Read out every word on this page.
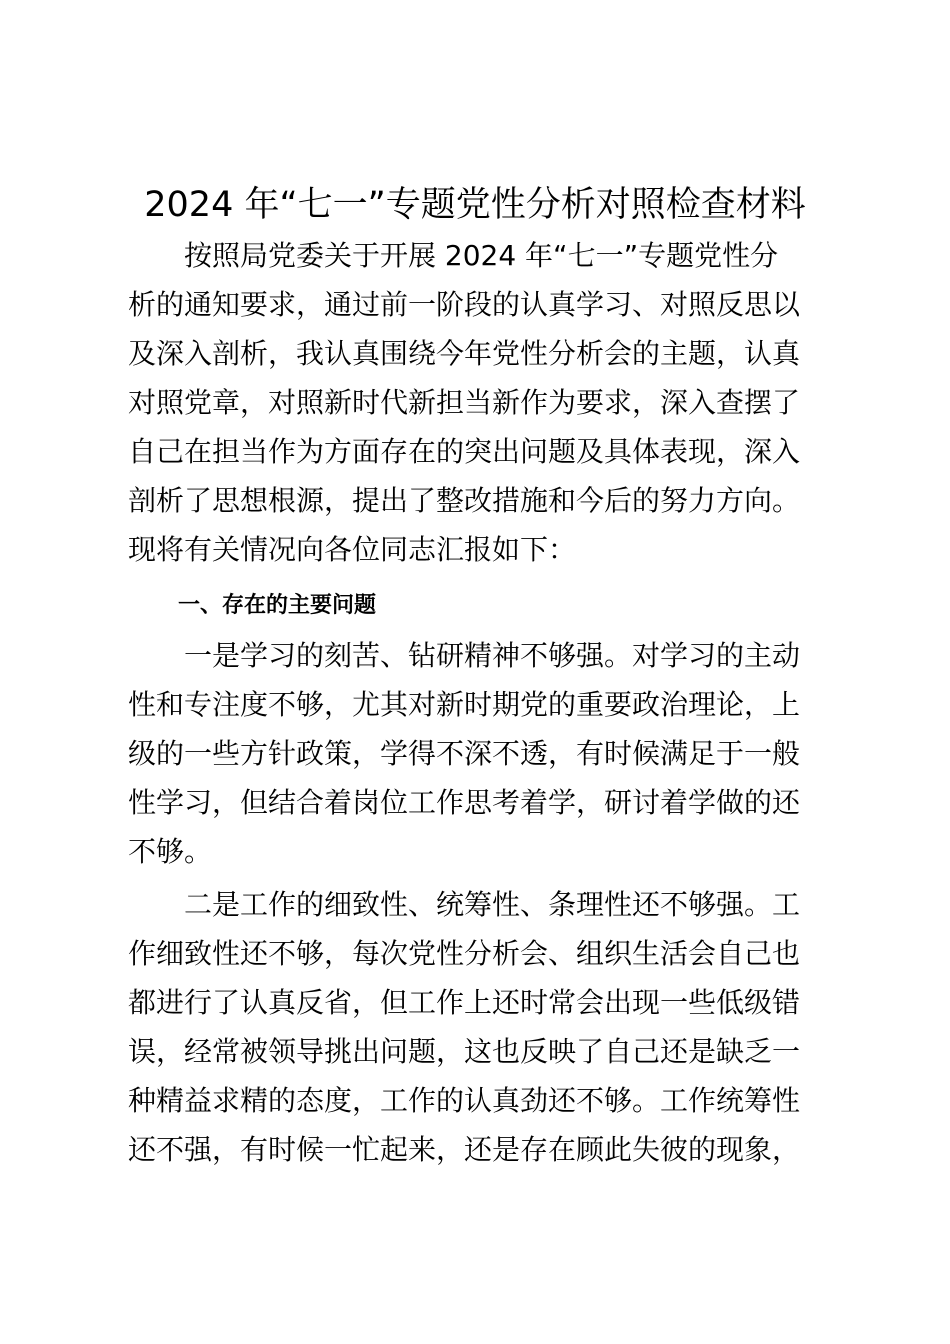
2024 年“七一”专题党性分析对照检查材料
按照局党委关于开展 2024 年“七一”专题党性分
析的通知要求，通过前一阶段的认真学习、对照反思以
及深入剖析，我认真围绕今年党性分析会的主题，认真
对照党章，对照新时代新担当新作为要求，深入查摆了
自己在担当作为方面存在的突出问题及具体表现，深入
剖析了思想根源，提出了整改措施和今后的努力方向。
现将有关情况向各位同志汇报如下：
一、存在的主要问题
一是学习的刻苦、钻研精神不够强。对学习的主动
性和专注度不够，尤其对新时期党的重要政治理论，上
级的一些方针政策，学得不深不透，有时候满足于一般
性学习，但结合着岗位工作思考着学，研讨着学做的还
不够。
二是工作的细致性、统筹性、条理性还不够强。工
作细致性还不够，每次党性分析会、组织生活会自己也
都进行了认真反省，但工作上还时常会出现一些低级错
误，经常被领导挑出问题，这也反映了自己还是缺乏一
种精益求精的态度，工作的认真劲还不够。工作统筹性
还不强，有时候一忙起来，还是存在顾此失彼的现象，
